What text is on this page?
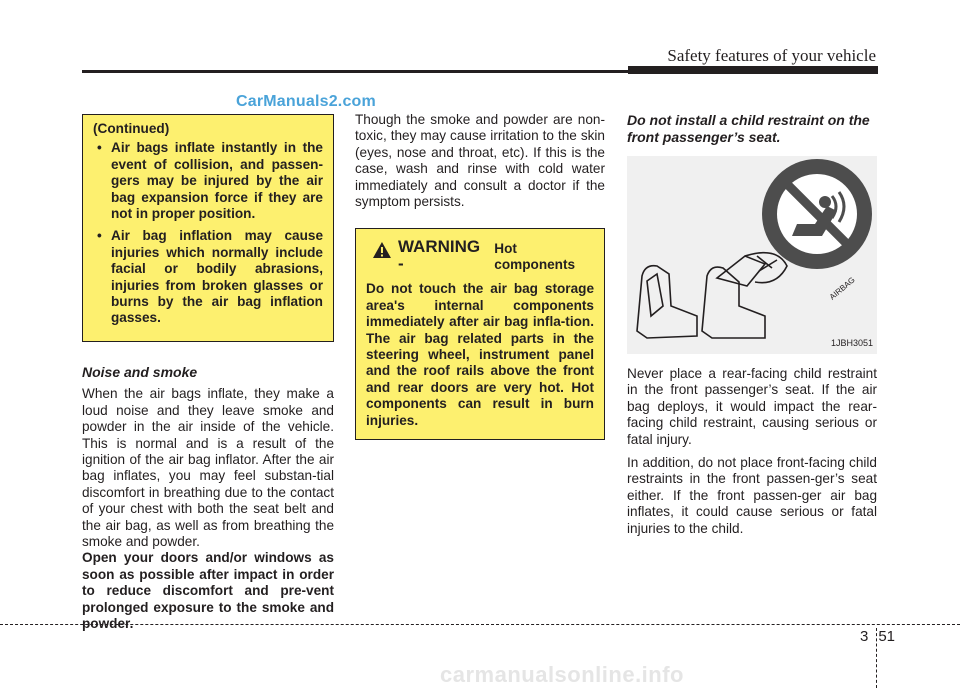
Safety features of your vehicle
CarManuals2.com
(Continued)
• Air bags inflate instantly in the event of collision, and passen-gers may be injured by the air bag expansion force if they are not in proper position.
• Air bag inflation may cause injuries which normally include facial or bodily abrasions, injuries from broken glasses or burns by the air bag inflation gasses.
Noise and smoke

When the air bags inflate, they make a loud noise and they leave smoke and powder in the air inside of the vehicle. This is normal and is a result of the ignition of the air bag inflator. After the air bag inflates, you may feel substan-tial discomfort in breathing due to the contact of your chest with both the seat belt and the air bag, as well as from breathing the smoke and powder.

Open your doors and/or windows as soon as possible after impact in order to reduce discomfort and pre-vent prolonged exposure to the smoke and powder.

Though the smoke and powder are non-toxic, they may cause irritation to the skin (eyes, nose and throat, etc). If this is the case, wash and rinse with cold water immediately and consult a doctor if the symptom persists.

WARNING -
Hot components
Do not touch the air bag storage area's internal components immediately after air bag infla-tion. The air bag related parts in the steering wheel, instrument panel and the roof rails above the front and rear doors are very hot. Hot components can result in burn injuries.
Do not install a child restraint on the front passenger’s seat.
AIRBAG
1JBH3051

Never place a rear-facing child restraint in the front passenger’s seat. If the air bag deploys, it would impact the rear-facing child restraint, causing serious or fatal injury.

In addition, do not place front-facing child restraints in the front passen-ger’s seat either. If the front passen-ger air bag inflates, it could cause serious or fatal injuries to the child.

3 51
carmanualsonline.info
